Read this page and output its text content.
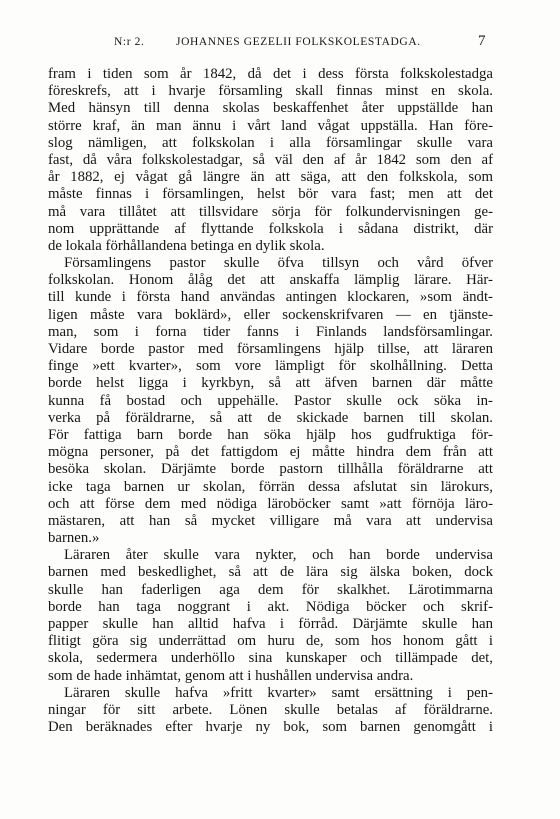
N:r 2.	JOHANNES GEZELII FOLKSKOLESTADGA.	7
fram i tiden som år 1842, då det i dess första folkskolestadga
föreskrefs, att i hvarje församling skall finnas minst en skola.
Med hänsyn till denna skolas beskaffenhet åter uppställde han
större kraf, än man ännu i vårt land vågat uppställa. Han före-
slog nämligen, att folkskolan i alla församlingar skulle vara
fast, då våra folkskolestadgar, så väl den af år 1842 som den af
år 1882, ej vågat gå längre än att säga, att den folkskola, som
måste finnas i församlingen, helst bör vara fast; men att det
må vara tillåtet att tillsvidare sörja för folkundervisningen ge-
nom upprättande af flyttande folkskola i sådana distrikt, där
de lokala förhållandena betinga en dylik skola.
Församlingens pastor skulle öfva tillsyn och vård öfver
folkskolan. Honom ålåg det att anskaffa lämplig lärare. Här-
till kunde i första hand användas antingen klockaren, »som ändt-
ligen måste vara boklärd», eller sockenskrifvaren — en tjänste-
man, som i forna tider fanns i Finlands landsförsamlingar.
Vidare borde pastor med församlingens hjälp tillse, att läraren
finge »ett kvarter», som vore lämpligt för skolhållning. Detta
borde helst ligga i kyrkbyn, så att äfven barnen där måtte
kunna få bostad och uppehälle. Pastor skulle ock söka in-
verka på föräldrarne, så att de skickade barnen till skolan.
För fattiga barn borde han söka hjälp hos gudfruktiga för-
mögna personer, på det fattigdom ej måtte hindra dem från att
besöka skolan. Därjämte borde pastorn tillhålla föräldrarne att
icke taga barnen ur skolan, förrän dessa afslutat sin lärokurs,
och att förse dem med nödiga läroböcker samt »att förnöja läro-
mästaren, att han så mycket villigare må vara att undervisa
barnen.»
Läraren åter skulle vara nykter, och han borde undervisa
barnen med beskedlighet, så att de lära sig älska boken, dock
skulle han faderligen aga dem för skalkhet. Lärotimmarna
borde han taga noggrant i akt. Nödiga böcker och skrif-
papper skulle han alltid hafva i förråd. Därjämte skulle han
flitigt göra sig underrättad om huru de, som hos honom gått i
skola, sedermera underhöllo sina kunskaper och tillämpade det,
som de hade inhämtat, genom att i hushållen undervisa andra.
Läraren skulle hafva »fritt kvarter» samt ersättning i pen-
ningar för sitt arbete. Lönen skulle betalas af föräldrarne.
Den beräknades efter hvarje ny bok, som barnen genomgått i
